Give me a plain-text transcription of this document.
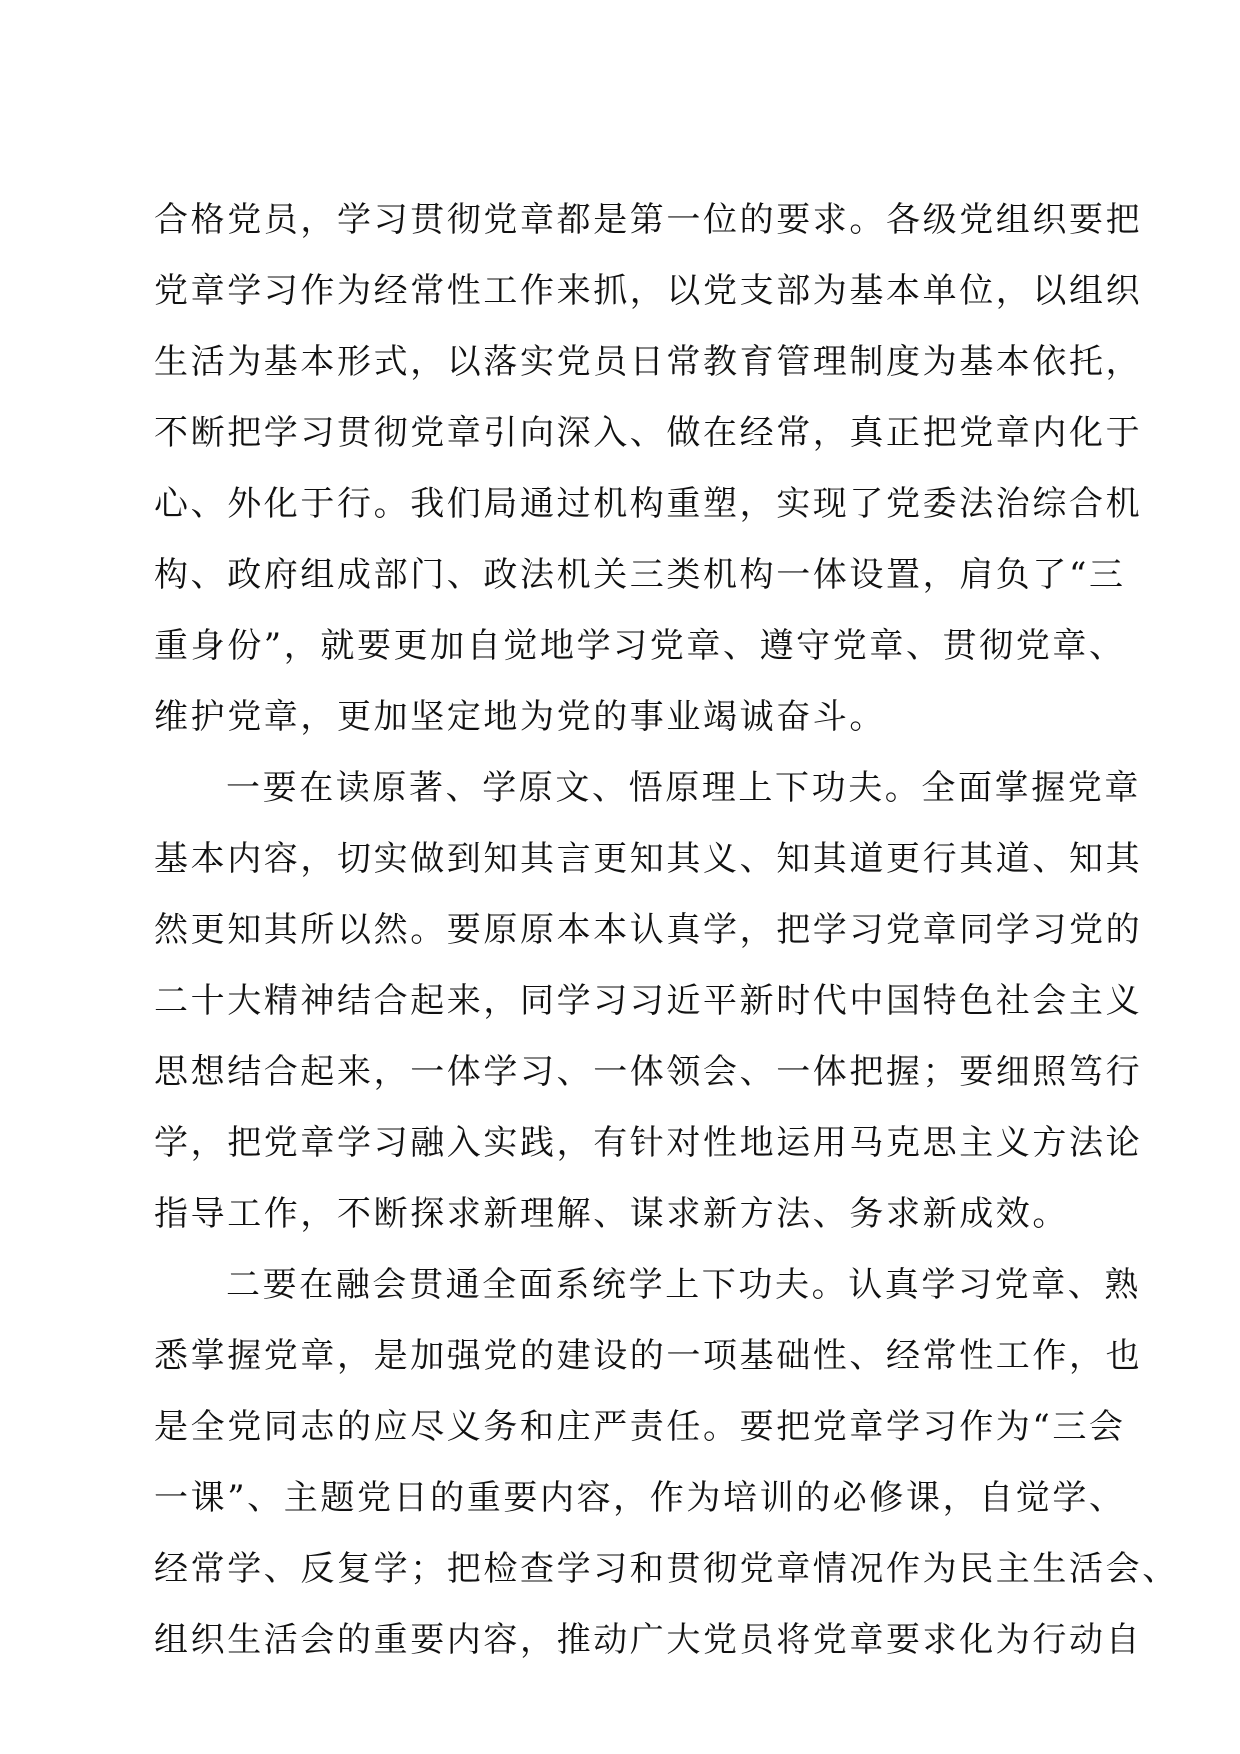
合格党员，学习贯彻党章都是第一位的要求。各级党组织要把
党章学习作为经常性工作来抓，以党支部为基本单位，以组织
生活为基本形式，以落实党员日常教育管理制度为基本依托，
不断把学习贯彻党章引向深入、做在经常，真正把党章内化于
心、外化于行。我们局通过机构重塑，实现了党委法治综合机
构、政府组成部门、政法机关三类机构一体设置，肩负了“三
重身份”，就要更加自觉地学习党章、遵守党章、贯彻党章、
维护党章，更加坚定地为党的事业竭诚奋斗。
一要在读原著、学原文、悟原理上下功夫。全面掌握党章
基本内容，切实做到知其言更知其义、知其道更行其道、知其
然更知其所以然。要原原本本认真学，把学习党章同学习党的
二十大精神结合起来，同学习习近平新时代中国特色社会主义
思想结合起来，一体学习、一体领会、一体把握；要细照笃行
学，把党章学习融入实践，有针对性地运用马克思主义方法论
指导工作，不断探求新理解、谋求新方法、务求新成效。
二要在融会贯通全面系统学上下功夫。认真学习党章、熟
悉掌握党章，是加强党的建设的一项基础性、经常性工作，也
是全党同志的应尽义务和庄严责任。要把党章学习作为“三会
一课”、主题党日的重要内容，作为培训的必修课，自觉学、
经常学、反复学；把检查学习和贯彻党章情况作为民主生活会、
组织生活会的重要内容，推动广大党员将党章要求化为行动自
